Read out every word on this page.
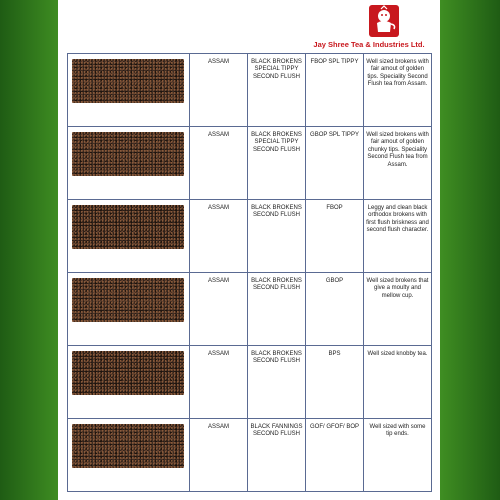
Jay Shree Tea & Industries Ltd.
	ASSAM	BLACK BROKENS SPECIAL TIPPY SECOND FLUSH	FBOP SPL TIPPY	Well sized brokens with fair amout of golden tips. Speciality Second Flush tea from Assam.

	ASSAM	BLACK BROKENS SPECIAL TIPPY SECOND FLUSH	GBOP SPL TIPPY	Well sized brokens with fair amout of golden chunky tips. Speciality Second Flush tea from Assam.

	ASSAM	BLACK BROKENS SECOND FLUSH	FBOP	Leggy and clean black orthodox brokens with first flush briskness and second flush character.

	ASSAM	BLACK BROKENS SECOND FLUSH	GBOP	Well sized brokens that give a moulty and mellow cup.

	ASSAM	BLACK BROKENS SECOND FLUSH	BPS	Well sized knobby tea.

	ASSAM	BLACK FANNINGS SECOND FLUSH	GOF/ GFOF/ BOP	Well sized with some tip ends.
